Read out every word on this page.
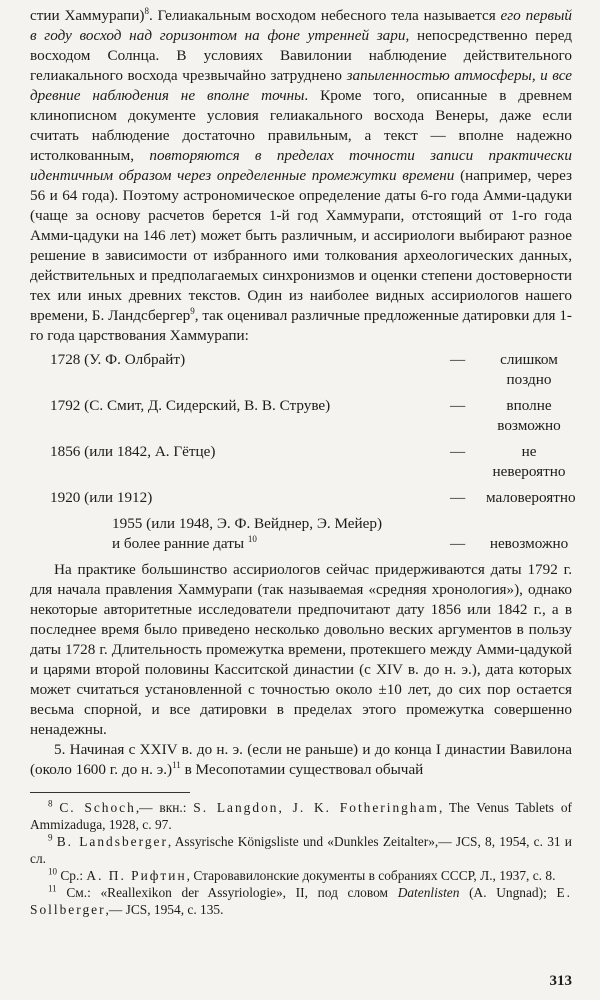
стии Хаммурапи)$^8$. Гелиакальным восходом небесного тела называется его первый в году восход над горизонтом на фоне утренней зари, непосредственно перед восходом Солнца. В условиях Вавилонии наблюдение действительного гелиакального восхода чрезвычайно затруднено запыленностью атмосферы, и все древние наблюдения не вполне точны. Кроме того, описанные в древнем клинописном документе условия гелиакального восхода Венеры, даже если считать наблюдение достаточно правильным, а текст — вполне надежно истолкованным, повторяются в пределах точности записи практически идентичным образом через определенные промежутки времени (например, через 56 и 64 года). Поэтому астрономическое определение даты 6-го года Амми-цадуки (чаще за основу расчетов берется 1-й год Хаммурапи, отстоящий от 1-го года Амми-цадуки на 146 лет) может быть различным, и ассириологи выбирают разное решение в зависимости от избранного ими толкования археологических данных, действительных и предполагаемых синхронизмов и оценки степени достоверности тех или иных древних текстов. Один из наиболее видных ассириологов нашего времени, Б. Ландсбергер$^9$, так оценивал различные предложенные датировки для 1-го года царствования Хаммурапи:

1728 (У. Ф. Олбрайт)	—	слишком поздно
1792 (С. Смит, Д. Сидерский, В. В. Струве)	—	вполне возможно
1856 (или 1842, А. Гётце)	—	не невероятно
1920 (или 1912)	—	маловероятно
1955 (или 1948, Э. Ф. Вейднер, Э. Мейер)
и более ранние даты $^{10}$	—	невозможно

На практике большинство ассириологов сейчас придерживаются даты 1792 г. для начала правления Хаммурапи (так называемая «средняя хронология»), однако некоторые авторитетные исследователи предпочитают дату 1856 или 1842 г., а в последнее время было приведено несколько довольно веских аргументов в пользу даты 1728 г. Длительность промежутка времени, протекшего между Амми-цадукой и царями второй половины Касситской династии (с XIV в. до н. э.), дата которых может считаться установленной с точностью около ±10 лет, до сих пор остается весьма спорной, и все датировки в пределах этого промежутка совершенно ненадежны.

5. Начиная с XXIV в. до н. э. (если не раньше) и до конца I династии Вавилона (около 1600 г. до н. э.)$^{11}$ в Месопотамии существовал обычай

$^8$ C. Schoch,— вкн.: S. Langdon, J. K. Fotheringham, The Venus Tablets of Ammizaduga, 1928, с. 97.

$^9$ B. Landsberger, Assyrische Königsliste und «Dunkles Zeitalter»,— JCS, 8, 1954, с. 31 и сл.

$^{10}$ Ср.: А. П. Рифтин, Старовавилонские документы в собраниях СССР, Л., 1937, с. 8.

$^{11}$ См.: «Reallexikon der Assyriologie», II, под словом Datenlisten (A. Ungnad); E. Sollberger,— JCS, 1954, с. 135.

313
